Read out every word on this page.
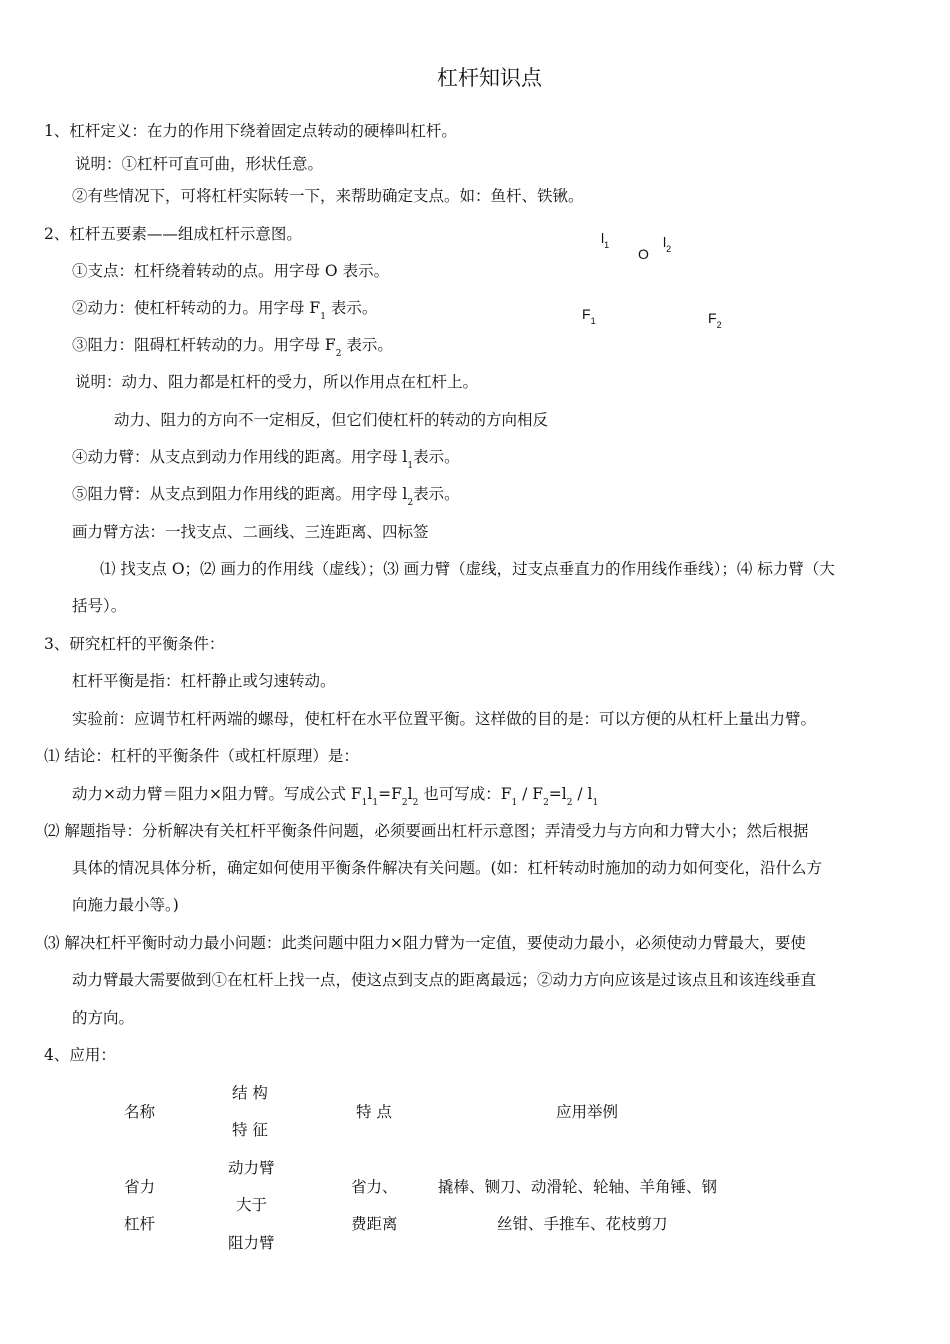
杠杆知识点
1、杠杆定义：在力的作用下绕着固定点转动的硬棒叫杠杆。
说明：①杠杆可直可曲，形状任意。
②有些情况下，可将杠杆实际转一下，来帮助确定支点。如：鱼杆、铁锹。
2、杠杆五要素——组成杠杆示意图。
①支点：杠杆绕着转动的点。用字母 O 表示。
②动力：使杠杆转动的力。用字母 $F_1$ 表示。
③阻力：阻碍杠杆转动的力。用字母 $F_2$ 表示。
说明：动力、阻力都是杠杆的受力，所以作用点在杠杆上。
动力、阻力的方向不一定相反，但它们使杠杆的转动的方向相反
④动力臂：从支点到动力作用线的距离。用字母 $l_1$表示。
⑤阻力臂：从支点到阻力作用线的距离。用字母 $l_2$表示。
画力臂方法：一找支点、二画线、三连距离、四标签
⑴ 找支点 O；⑵ 画力的作用线（虚线）；⑶ 画力臂（虚线，过支点垂直力的作用线作垂线）；⑷ 标力臂（大
括号）。
$l_1$
O
$l_2$
$F_1$	$F_2$
3、研究杠杆的平衡条件：
杠杆平衡是指：杠杆静止或匀速转动。
实验前：应调节杠杆两端的螺母，使杠杆在水平位置平衡。这样做的目的是：可以方便的从杠杆上量出力臂。
⑴ 结论：杠杆的平衡条件（或杠杆原理）是：
动力×动力臂＝阻力×阻力臂。写成公式 $F_1l_1=F_2l_2$ 也可写成：$F_1 / F_2=l_2 / l_1$
⑵ 解题指导：分析解决有关杠杆平衡条件问题，必须要画出杠杆示意图；弄清受力与方向和力臂大小；然后根据
具体的情况具体分析，确定如何使用平衡条件解决有关问题。(如：杠杆转动时施加的动力如何变化，沿什么方
向施力最小等。)
⑶ 解决杠杆平衡时动力最小问题：此类问题中阻力×阻力臂为一定值，要使动力最小，必须使动力臂最大，要使
动力臂最大需要做到①在杠杆上找一点，使这点到支点的距离最远；②动力方向应该是过该点且和该连线垂直
的方向。
4、应用：
名称
结 构
特 征
特 点	应用举例
省力
杠杆
动力臂
大于
阻力臂
省力、
费距离
撬棒、铡刀、动滑轮、轮轴、羊角锤、钢
丝钳、手推车、花枝剪刀
